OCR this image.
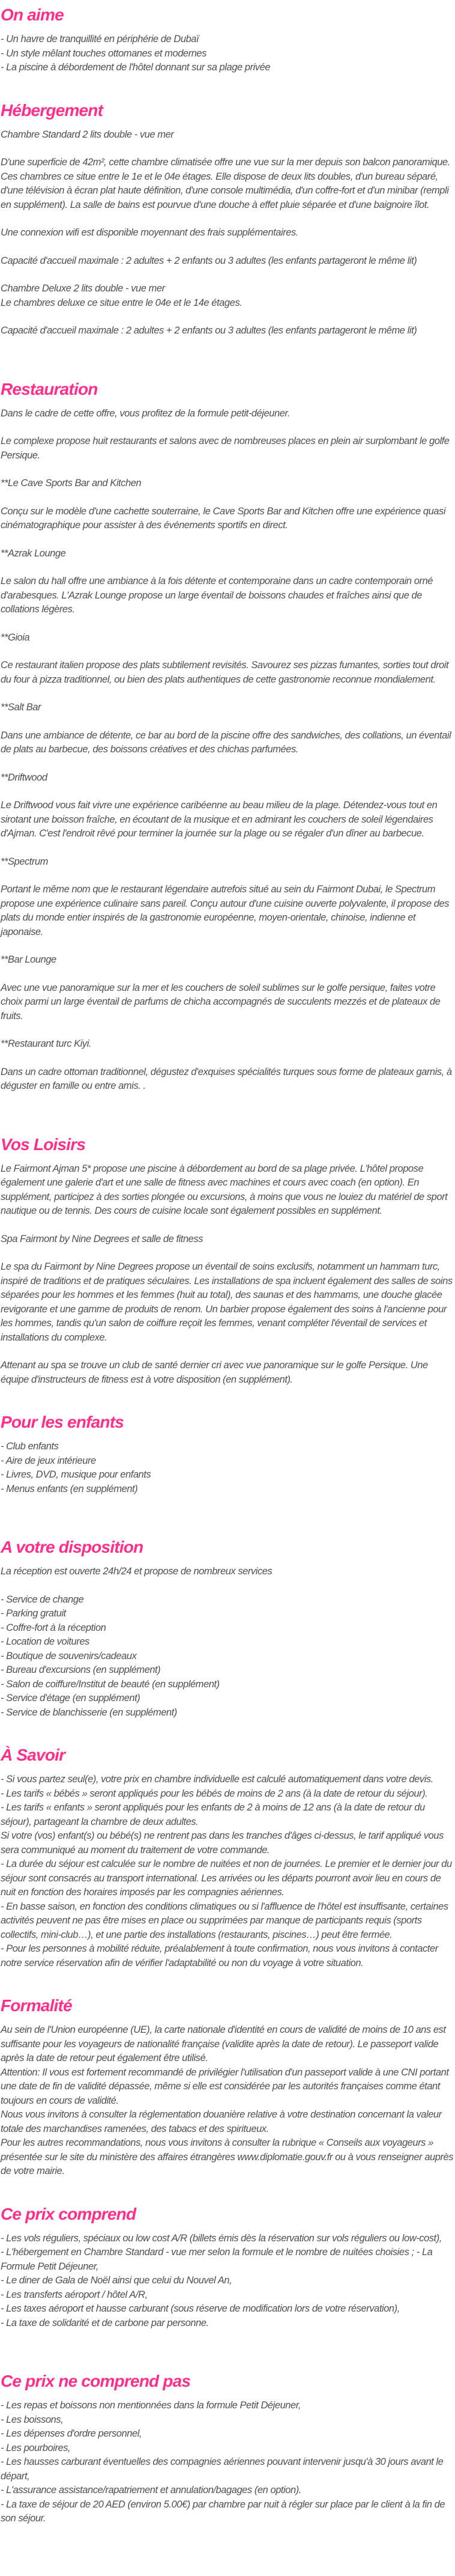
On aime

- Un havre de tranquillité en périphérie de Dubaï

- Un style mêlant touches ottomanes et modernes

- La piscine à débordement de l'hôtel donnant sur sa plage privée

Hébergement

Chambre Standard 2 lits double - vue mer

D'une superficie de 42m², cette chambre climatisée offre une vue sur la mer depuis son balcon panoramique. Ces chambres ce situe entre le 1e et le 04e étages. Elle dispose de deux lits doubles, d'un bureau séparé, d'une télévision à écran plat haute définition, d'une console multimédia, d'un coffre-fort et d'un minibar (rempli en supplément). La salle de bains est pourvue d'une douche à effet pluie séparée et d'une baignoire îlot.

Une connexion wifi est disponible moyennant des frais supplémentaires.

Capacité d'accueil maximale : 2 adultes + 2 enfants ou 3 adultes (les enfants partageront le même lit)

Chambre Deluxe 2 lits double - vue mer
Le chambres deluxe ce situe entre le 04e et le 14e étages.

Capacité d'accueil maximale : 2 adultes + 2 enfants ou 3 adultes (les enfants partageront le même lit)

Restauration

Dans le cadre de cette offre, vous profitez de la formule petit-déjeuner.

Le complexe propose huit restaurants et salons avec de nombreuses places en plein air surplombant le golfe Persique.

**Le Cave Sports Bar and Kitchen

Conçu sur le modèle d'une cachette souterraine, le Cave Sports Bar and Kitchen offre une expérience quasi cinématographique pour assister à des événements sportifs en direct.

**Azrak Lounge

Le salon du hall offre une ambiance à la fois détente et contemporaine dans un cadre contemporain orné d'arabesques. L'Azrak Lounge propose un large éventail de boissons chaudes et fraîches ainsi que de collations légères.

**Gioia

Ce restaurant italien propose des plats subtilement revisités. Savourez ses pizzas fumantes, sorties tout droit du four à pizza traditionnel, ou bien des plats authentiques de cette gastronomie reconnue mondialement.

**Salt Bar

Dans une ambiance de détente, ce bar au bord de la piscine offre des sandwiches, des collations, un éventail de plats au barbecue, des boissons créatives et des chichas parfumées.

**Driftwood

Le Driftwood vous fait vivre une expérience caribéenne au beau milieu de la plage. Détendez-vous tout en sirotant une boisson fraîche, en écoutant de la musique et en admirant les couchers de soleil légendaires d'Ajman. C'est l'endroit rêvé pour terminer la journée sur la plage ou se régaler d'un dîner au barbecue.

**Spectrum

Portant le même nom que le restaurant légendaire autrefois situé au sein du Fairmont Dubai, le Spectrum propose une expérience culinaire sans pareil. Conçu autour d'une cuisine ouverte polyvalente, il propose des plats du monde entier inspirés de la gastronomie européenne, moyen-orientale, chinoise, indienne et japonaise.

**Bar Lounge

Avec une vue panoramique sur la mer et les couchers de soleil sublimes sur le golfe persique, faites votre choix parmi un large éventail de parfums de chicha accompagnés de succulents mezzés et de plateaux de fruits.

**Restaurant turc Kiyi.

Dans un cadre ottoman traditionnel, dégustez d'exquises spécialités turques sous forme de plateaux garnis, à déguster en famille ou entre amis. .

Vos Loisirs

Le Fairmont Ajman 5* propose une piscine à débordement au bord de sa plage privée. L'hôtel propose également une galerie d'art et une salle de fitness avec machines et cours avec coach (en option). En supplément, participez à des sorties plongée ou excursions, à moins que vous ne louiez du matériel de sport nautique ou de tennis. Des cours de cuisine locale sont également possibles en supplément.

Spa Fairmont by Nine Degrees et salle de fitness

Le spa du Fairmont by Nine Degrees propose un éventail de soins exclusifs, notamment un hammam turc, inspiré de traditions et de pratiques séculaires. Les installations de spa incluent également des salles de soins séparées pour les hommes et les femmes (huit au total), des saunas et des hammams, une douche glacée revigorante et une gamme de produits de renom. Un barbier propose également des soins à l'ancienne pour les hommes, tandis qu'un salon de coiffure reçoit les femmes, venant compléter l'éventail de services et installations du complexe.

Attenant au spa se trouve un club de santé dernier cri avec vue panoramique sur le golfe Persique. Une équipe d'instructeurs de fitness est à votre disposition (en supplément).

Pour les enfants

- Club enfants

- Aire de jeux intérieure

- Livres, DVD, musique pour enfants

- Menus enfants (en supplément)

A votre disposition

La réception est ouverte 24h/24 et propose de nombreux services

- Service de change

- Parking gratuit

- Coffre-fort à la réception

- Location de voitures

- Boutique de souvenirs/cadeaux

- Bureau d'excursions (en supplément)

- Salon de coiffure/Institut de beauté (en supplément)

- Service d'étage (en supplément)

- Service de blanchisserie (en supplément)

À Savoir

- Si vous partez seul(e), votre prix en chambre individuelle est calculé automatiquement dans votre devis.

- Les tarifs « bébés » seront appliqués pour les bébés de moins de 2 ans (à la date de retour du séjour).

- Les tarifs « enfants » seront appliqués pour les enfants de 2 à moins de 12 ans (à la date de retour du séjour), partageant la chambre de deux adultes.

Si votre (vos) enfant(s) ou bébé(s) ne rentrent pas dans les tranches d'âges ci-dessus, le tarif appliqué vous sera communiqué au moment du traitement de votre commande.

- La durée du séjour est calculée sur le nombre de nuitées et non de journées. Le premier et le dernier jour du séjour sont consacrés au transport international. Les arrivées ou les départs pourront avoir lieu en cours de nuit en fonction des horaires imposés par les compagnies aériennes.

- En basse saison, en fonction des conditions climatiques ou si l'affluence de l'hôtel est insuffisante, certaines activités peuvent ne pas être mises en place ou supprimées par manque de participants requis (sports collectifs, mini-club…), et une partie des installations (restaurants, piscines…) peut être fermée.

- Pour les personnes à mobilité réduite, préalablement à toute confirmation, nous vous invitons à contacter notre service réservation afin de vérifier l'adaptabilité ou non du voyage à votre situation.

Formalité

Au sein de l'Union européenne (UE), la carte nationale d'identité en cours de validité de moins de 10 ans est suffisante pour les voyageurs de nationalité française (validite après la date de retour). Le passeport valide après la date de retour peut également être utilisé.

Attention: Il vous est fortement recommandé de privilégier l'utilisation d'un passeport valide à une CNI portant une date de fin de validité dépassée, même si elle est considérée par les autorités françaises comme étant toujours en cours de validité.

Nous vous invitons à consulter la réglementation douanière relative à votre destination concernant la valeur totale des marchandises ramenées, des tabacs et des spiritueux.

Pour les autres recommandations, nous vous invitons à consulter la rubrique « Conseils aux voyageurs » présentée sur le site du ministère des affaires étrangères www.diplomatie.gouv.fr ou à vous renseigner auprès de votre mairie.

Ce prix comprend

- Les vols réguliers, spéciaux ou low cost A/R (billets émis dès la réservation sur vols réguliers ou low-cost),

- L'hébergement en Chambre Standard - vue mer selon la formule et le nombre de nuitées choisies ; - La Formule Petit Déjeuner,

- Le diner de Gala de Noël ainsi que celui du Nouvel An,

- Les transferts aéroport / hôtel A/R,

- Les taxes aéroport et hausse carburant (sous réserve de modification lors de votre réservation),

- La taxe de solidarité et de carbone par personne.

Ce prix ne comprend pas

- Les repas et boissons non mentionnées dans la formule Petit Déjeuner,

- Les boissons,

- Les dépenses d'ordre personnel,

- Les pourboires,

- Les hausses carburant éventuelles des compagnies aériennes pouvant intervenir jusqu'à 30 jours avant le départ,

- L'assurance assistance/rapatriement et annulation/bagages (en option).

- La taxe de séjour de 20 AED (environ 5.00€) par chambre par nuit à régler sur place par le client à la fin de son séjour.
